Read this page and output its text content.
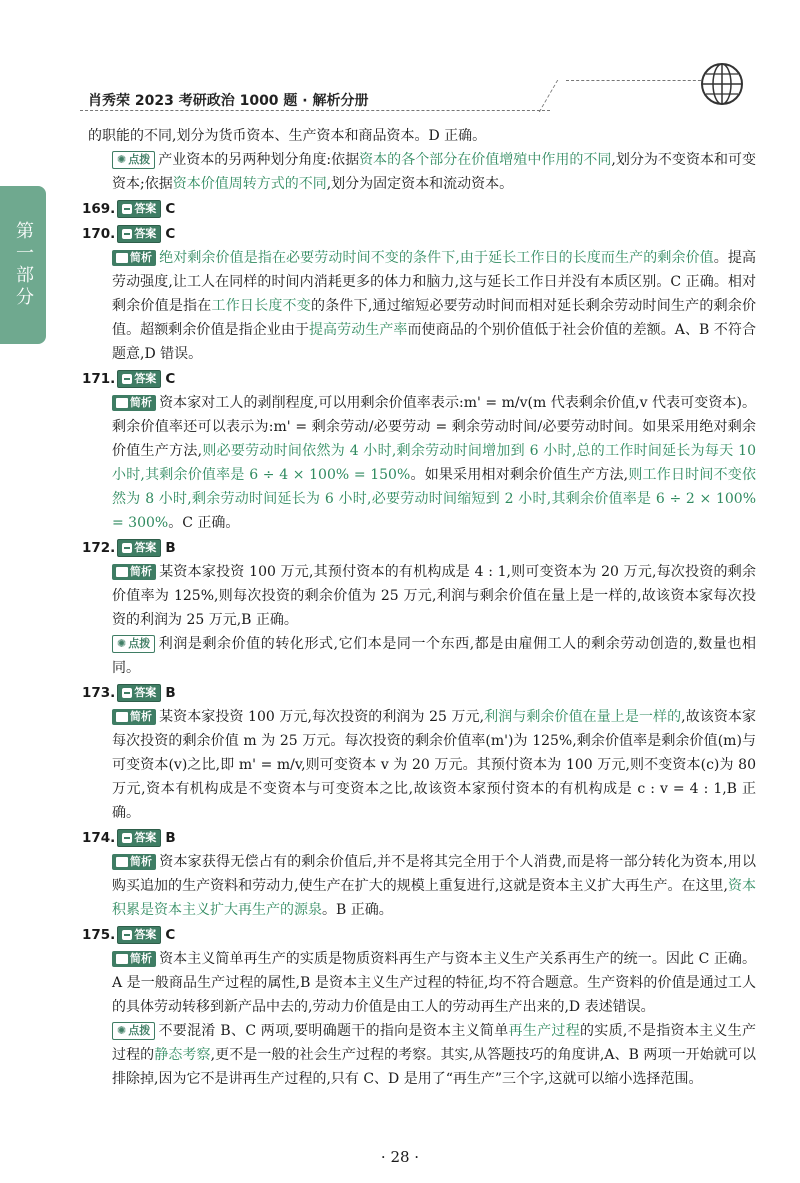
肖秀荣 2023 考研政治 1000 题 · 解析分册
第一部分

的职能的不同,划分为货币资本、生产资本和商品资本。D 正确。

✺ 点拨 产业资本的另两种划分角度:依据资本的各个部分在价值增殖中作用的不同,划分为不变资本和可变资本;依据资本价值周转方式的不同,划分为固定资本和流动资本。

169. 答案 C
170. 答案 C

简析 绝对剩余价值是指在必要劳动时间不变的条件下,由于延长工作日的长度而生产的剩余价值。提高劳动强度,让工人在同样的时间内消耗更多的体力和脑力,这与延长工作日并没有本质区别。C 正确。相对剩余价值是指在工作日长度不变的条件下,通过缩短必要劳动时间而相对延长剩余劳动时间生产的剩余价值。超额剩余价值是指企业由于提高劳动生产率而使商品的个别价值低于社会价值的差额。A、B 不符合题意,D 错误。

171. 答案 C

简析 资本家对工人的剥削程度,可以用剩余价值率表示:m' = m/v(m 代表剩余价值,v 代表可变资本)。剩余价值率还可以表示为:m' = 剩余劳动/必要劳动 = 剩余劳动时间/必要劳动时间。如果采用绝对剩余价值生产方法,则必要劳动时间依然为 4 小时,剩余劳动时间增加到 6 小时,总的工作时间延长为每天 10 小时,其剩余价值率是 6 ÷ 4 × 100% = 150%。如果采用相对剩余价值生产方法,则工作日时间不变依然为 8 小时,剩余劳动时间延长为 6 小时,必要劳动时间缩短到 2 小时,其剩余价值率是 6 ÷ 2 × 100% = 300%。C 正确。

172. 答案 B

简析 某资本家投资 100 万元,其预付资本的有机构成是 4 : 1,则可变资本为 20 万元,每次投资的剩余价值率为 125%,则每次投资的剩余价值为 25 万元,利润与剩余价值在量上是一样的,故该资本家每次投资的利润为 25 万元,B 正确。

✺ 点拨 利润是剩余价值的转化形式,它们本是同一个东西,都是由雇佣工人的剩余劳动创造的,数量也相同。

173. 答案 B

简析 某资本家投资 100 万元,每次投资的利润为 25 万元,利润与剩余价值在量上是一样的,故该资本家每次投资的剩余价值 m 为 25 万元。每次投资的剩余价值率(m')为 125%,剩余价值率是剩余价值(m)与可变资本(v)之比,即 m' = m/v,则可变资本 v 为 20 万元。其预付资本为 100 万元,则不变资本(c)为 80 万元,资本有机构成是不变资本与可变资本之比,故该资本家预付资本的有机构成是 c : v = 4 : 1,B 正确。

174. 答案 B

简析 资本家获得无偿占有的剩余价值后,并不是将其完全用于个人消费,而是将一部分转化为资本,用以购买追加的生产资料和劳动力,使生产在扩大的规模上重复进行,这就是资本主义扩大再生产。在这里,资本积累是资本主义扩大再生产的源泉。B 正确。

175. 答案 C

简析 资本主义简单再生产的实质是物质资料再生产与资本主义生产关系再生产的统一。因此 C 正确。A 是一般商品生产过程的属性,B 是资本主义生产过程的特征,均不符合题意。生产资料的价值是通过工人的具体劳动转移到新产品中去的,劳动力价值是由工人的劳动再生产出来的,D 表述错误。

✺ 点拨 不要混淆 B、C 两项,要明确题干的指向是资本主义简单再生产过程的实质,不是指资本主义生产过程的静态考察,更不是一般的社会生产过程的考察。其实,从答题技巧的角度讲,A、B 两项一开始就可以排除掉,因为它不是讲再生产过程的,只有 C、D 是用了“再生产”三个字,这就可以缩小选择范围。

· 28 ·
